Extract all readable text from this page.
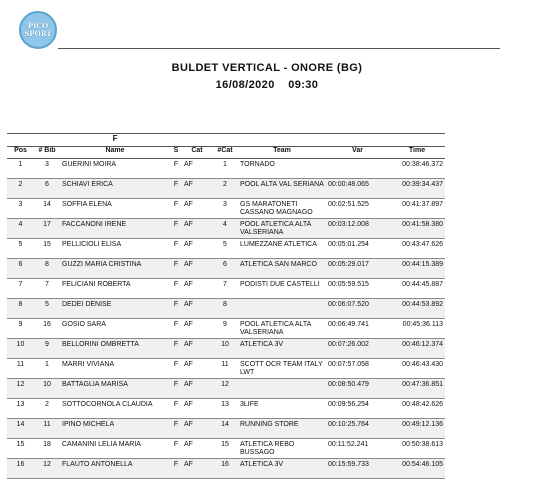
PICO
SPORT
BULDET VERTICAL - ONORE (BG)
16/08/2020 09:30
F								
Pos	# Bib	Name	S	Cat	#Cat	Team	Var	Time
1	3	GUERINI MOIRA	F	AF	1	TORNADO		00:38:46.372
2	6	SCHIAVI ERICA	F	AF	2	POOL ALTA VAL SERIANA	00:00:48.065	00:39:34.437
3	14	SOFFIA ELENA	F	AF	3	GS MARATONETI CASSANO MAGNAGO	00:02:51.525	00:41:37.897
4	17	FACCANONI IRENE	F	AF	4	POOL ATLETICA ALTA VALSERIANA	00:03:12.008	00:41:58.380
5	15	PELLICIOLI ELISA	F	AF	5	LUMEZZANE ATLETICA	00:05:01.254	00:43:47.626
6	8	GUZZI MARIA CRISTINA	F	AF	6	ATLETICA SAN MARCO	00:05:29.017	00:44:15.389
7	7	FELICIANI ROBERTA	F	AF	7	PODISTI DUE CASTELLI	00:05:59.515	00:44:45.887
8	5	DEDEI DENISE	F	AF	8		00:06:07.520	00:44:53.892
9	16	GOSIO SARA	F	AF	9	POOL ATLETICA ALTA VALSERIANA	00:06:49.741	00:45:36.113
10	9	BELLORINI OMBRETTA	F	AF	10	ATLETICA 3V	00:07:26.002	00:46:12.374
11	1	MARRI VIVIANA	F	AF	11	SCOTT OCR TEAM ITALY LWT	00:07:57.058	00:46:43.430
12	10	BATTAGLIA MARISA	F	AF	12		00:08:50.479	00:47:36.851
13	2	SOTTOCORNOLA CLAUDIA	F	AF	13	3LIFE	00:09:56.254	00:48:42.626
14	11	IPINO MICHELA	F	AF	14	RUNNING STORE	00:10:25.764	00:49:12.136
15	18	CAMANINI LELIA MARIA	F	AF	15	ATLETICA REBO BUSSAGO	00:11:52.241	00:50:38.613
16	12	FLAUTO ANTONELLA	F	AF	16	ATLETICA 3V	00:15:59.733	00:54:46.105
